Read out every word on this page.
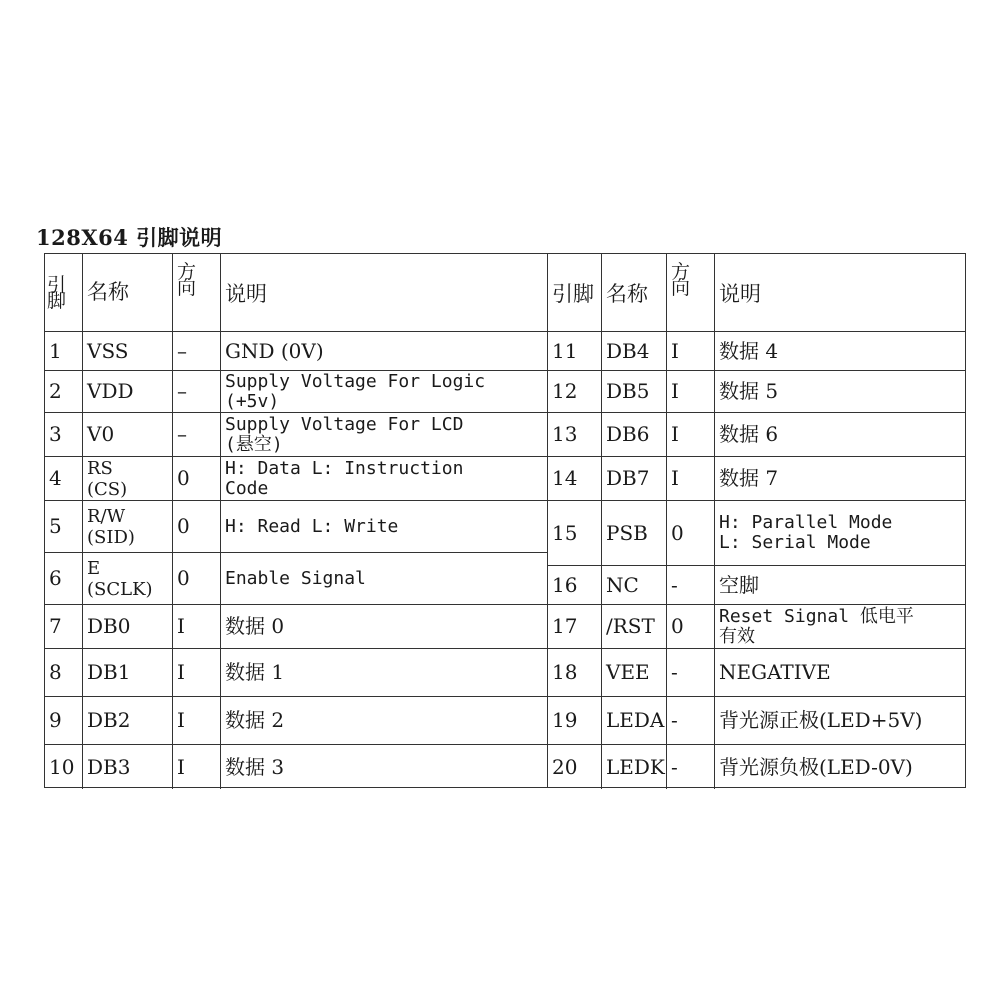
128X64 引脚说明
引脚 名称
方向 说明
1 VSS – GND (0V)
2 VDD – Supply Voltage For Logic
(+5v)
3 V0	– Supply Voltage For LCD
(悬空)
4 RS
(CS) 0 H: Data L: Instruction
Code
5 R/W
(SID) 0 H: Read L: Write
6 E
(SCLK) 0 Enable Signal
7 DB0 I 数据 0
8 DB1 I 数据 1
9 DB2 I 数据 2
10 DB3 I 数据 3
引脚 名称
方向 说明
11 DB4 I 数据 4
12 DB5 I 数据 5
13 DB6 I 数据 6
14 DB7 I 数据 7
15 PSB 0 H: Parallel Mode
L: Serial Mode
16 NC - 空脚
17 /RST 0 Reset Signal 低电平
有效
18 VEE - NEGATIVE
19 LEDA - 背光源正极(LED+5V)
20 LEDK - 背光源负极(LED-0V)
